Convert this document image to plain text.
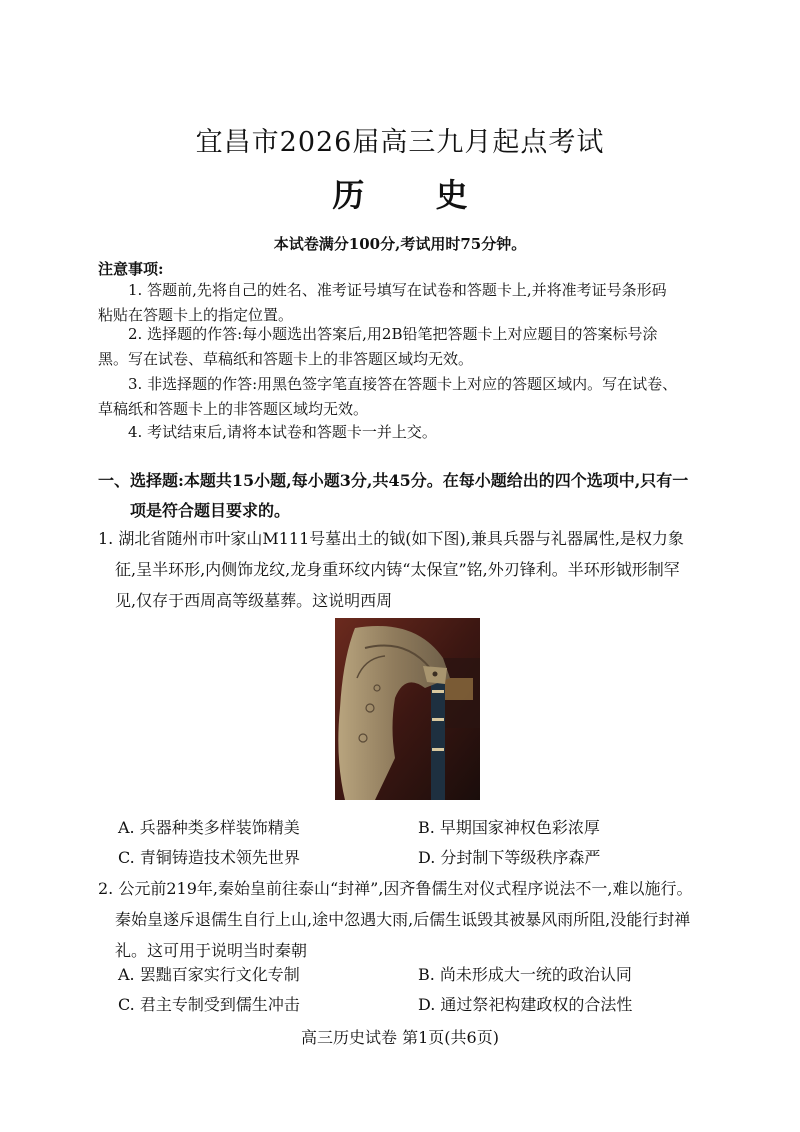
宜昌市2026届高三九月起点考试
历 史
本试卷满分100分,考试用时75分钟。
注意事项:
1. 答题前,先将自己的姓名、准考证号填写在试卷和答题卡上,并将准考证号条形码
粘贴在答题卡上的指定位置。
2. 选择题的作答:每小题选出答案后,用2B铅笔把答题卡上对应题目的答案标号涂
黑。写在试卷、草稿纸和答题卡上的非答题区域均无效。
3. 非选择题的作答:用黑色签字笔直接答在答题卡上对应的答题区域内。写在试卷、
草稿纸和答题卡上的非答题区域均无效。
4. 考试结束后,请将本试卷和答题卡一并上交。
一、选择题:本题共15小题,每小题3分,共45分。在每小题给出的四个选项中,只有一
项是符合题目要求的。
1. 湖北省随州市叶家山M111号墓出土的钺(如下图),兼具兵器与礼器属性,是权力象
征,呈半环形,内侧饰龙纹,龙身重环纹内铸“太保宣”铭,外刃锋利。半环形钺形制罕
见,仅存于西周高等级墓葬。这说明西周
A. 兵器种类多样装饰精美	B. 早期国家神权色彩浓厚
C. 青铜铸造技术领先世界	D. 分封制下等级秩序森严
2. 公元前219年,秦始皇前往泰山“封禅”,因齐鲁儒生对仪式程序说法不一,难以施行。
秦始皇遂斥退儒生自行上山,途中忽遇大雨,后儒生诋毁其被暴风雨所阻,没能行封禅
礼。这可用于说明当时秦朝
A. 罢黜百家实行文化专制	B. 尚未形成大一统的政治认同
C. 君主专制受到儒生冲击	D. 通过祭祀构建政权的合法性
高三历史试卷 第1页(共6页)
